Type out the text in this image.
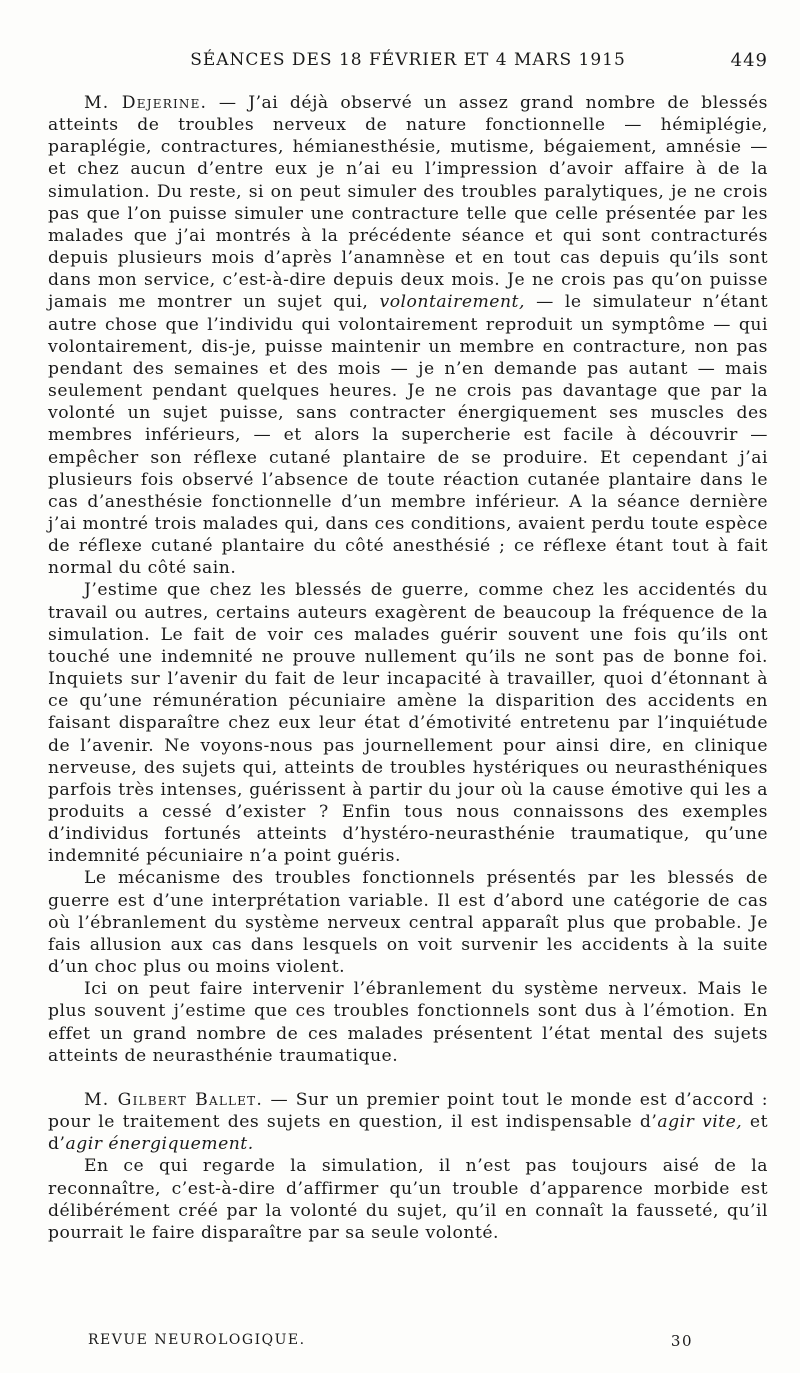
SÉANCES DES 18 FÉVRIER ET 4 MARS 1915	449

M. Dejerine. — J’ai déjà observé un assez grand nombre de blessés atteints de troubles nerveux de nature fonctionnelle — hémiplégie, paraplégie, contractures, hémianesthésie, mutisme, bégaiement, amnésie — et chez aucun d’entre eux je n’ai eu l’impression d’avoir affaire à de la simulation. Du reste, si on peut simuler des troubles paralytiques, je ne crois pas que l’on puisse simuler une contracture telle que celle présentée par les malades que j’ai montrés à la précédente séance et qui sont contracturés depuis plusieurs mois d’après l’anamnèse et en tout cas depuis qu’ils sont dans mon service, c’est-à-dire depuis deux mois. Je ne crois pas qu’on puisse jamais me montrer un sujet qui, volontairement, — le simulateur n’étant autre chose que l’individu qui volontairement reproduit un symptôme — qui volontairement, dis-je, puisse maintenir un membre en contracture, non pas pendant des semaines et des mois — je n’en demande pas autant — mais seulement pendant quelques heures. Je ne crois pas davantage que par la volonté un sujet puisse, sans contracter énergiquement ses muscles des membres inférieurs, — et alors la supercherie est facile à découvrir — empêcher son réflexe cutané plantaire de se produire. Et cependant j’ai plusieurs fois observé l’absence de toute réaction cutanée plantaire dans le cas d’anesthésie fonctionnelle d’un membre inférieur. A la séance dernière j’ai montré trois malades qui, dans ces conditions, avaient perdu toute espèce de réflexe cutané plantaire du côté anesthésié ; ce réflexe étant tout à fait normal du côté sain.

J’estime que chez les blessés de guerre, comme chez les accidentés du travail ou autres, certains auteurs exagèrent de beaucoup la fréquence de la simulation. Le fait de voir ces malades guérir souvent une fois qu’ils ont touché une indemnité ne prouve nullement qu’ils ne sont pas de bonne foi. Inquiets sur l’avenir du fait de leur incapacité à travailler, quoi d’étonnant à ce qu’une rémunération pécuniaire amène la disparition des accidents en faisant disparaître chez eux leur état d’émotivité entretenu par l’inquiétude de l’avenir. Ne voyons-nous pas journellement pour ainsi dire, en clinique nerveuse, des sujets qui, atteints de troubles hystériques ou neurasthéniques parfois très intenses, guérissent à partir du jour où la cause émotive qui les a produits a cessé d’exister ? Enfin tous nous connaissons des exemples d’individus fortunés atteints d’hystéro-neurasthénie traumatique, qu’une indemnité pécuniaire n’a point guéris.

Le mécanisme des troubles fonctionnels présentés par les blessés de guerre est d’une interprétation variable. Il est d’abord une catégorie de cas où l’ébranlement du système nerveux central apparaît plus que probable. Je fais allusion aux cas dans lesquels on voit survenir les accidents à la suite d’un choc plus ou moins violent.

Ici on peut faire intervenir l’ébranlement du système nerveux. Mais le plus souvent j’estime que ces troubles fonctionnels sont dus à l’émotion. En effet un grand nombre de ces malades présentent l’état mental des sujets atteints de neurasthénie traumatique.

M. Gilbert Ballet. — Sur un premier point tout le monde est d’accord : pour le traitement des sujets en question, il est indispensable d’agir vite, et d’agir énergiquement.

En ce qui regarde la simulation, il n’est pas toujours aisé de la reconnaître, c’est-à-dire d’affirmer qu’un trouble d’apparence morbide est délibérément créé par la volonté du sujet, qu’il en connaît la fausseté, qu’il pourrait le faire disparaître par sa seule volonté.

REVUE NEUROLOGIQUE.	30
